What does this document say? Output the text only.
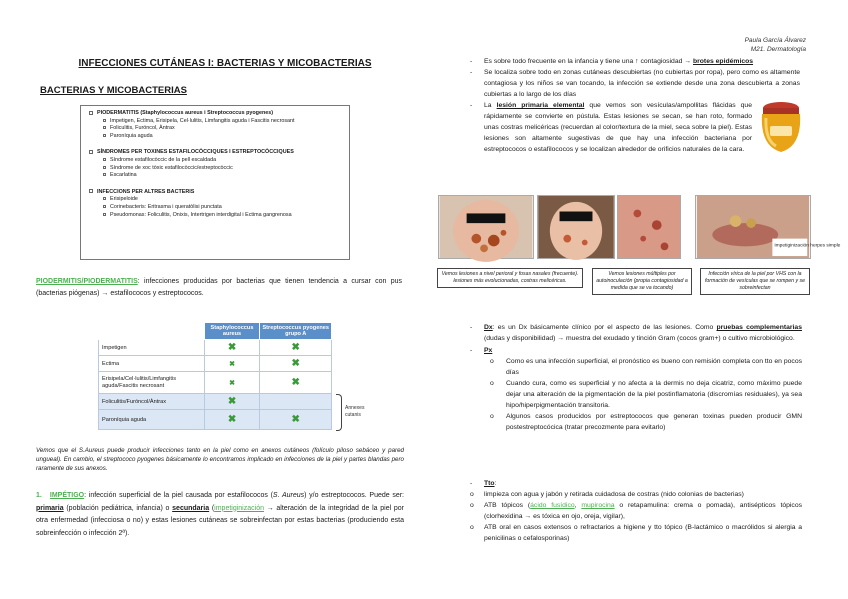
Paula García Álvarez
M21. Dermatología
INFECCIONES CUTÁNEAS I: BACTERIAS Y MICOBACTERIAS
BACTERIAS Y MICOBACTERIAS
PIODERMATITIS (Staphylococcus aureus i Streptococcus pyogenes)
Impetigen, Ectima, Erisipela, Cel·lulitis, Limfangitis aguda i Fascitis necrosant
Foliculitis, Furóncol, Àntrax
Paroníquia aguda
SÍNDROMES PER TOXINES ESTAFILOCÒCCIQUES I ESTREPTOCÒCCIQUES
Síndrome estafilocòccic de la pell escaldada
Síndrome de xoc tòxic estafilocòccic/estreptocòccic
Escarlatina
INFECCIONS PER ALTRES BACTERIS
Erisipeloide
Corinebacteris: Eritrasma i queratòlisi punctata
Pseudomonas: Foliculitis, Onixis, Intertrigen interdigital i Ectima gangrenosa
PIODERMITIS/PIODERMATITIS: infecciones producidas por bacterias que tienen tendencia a cursar con pus (bacterias piógenas) → estafilococos y estreptococos.
	Staphylococcus aureus	Streptococcus pyogenes grupo A
Impetigen	✖	✖
Ectima	✖	✖
Erisipela/Cel·lulitis/Limfangitis aguda/Fascitis necrosant	✖	✖
Foliculitis/Furóncol/Àntrax	✖	
Paroníquia aguda	✖	✖
Annexes cutanis
Vemos que el S.Aureus puede producir infecciones tanto en la piel como en anexos cutáneos (folículo piloso sebáceo y pared ungueal). En cambio, el streptococo pyogenes básicamente lo encontramos implicado en infecciones de la piel y partes blandas pero raramente de sus anexos.
1. IMPÉTIGO: infección superficial de la piel causada por estafilococos (S. Aureus) y/o estreptococos. Puede ser: primaria (población pediátrica, infancia) o secundaria (impetiginización → alteración de la integridad de la piel por otra enfermedad (infecciosa o no) y estas lesiones cutáneas se sobreinfectan por estas bacterias (produciendo esta sobreinfección o infección 2ª).
- Es sobre todo frecuente en la infancia y tiene una ↑ contagiosidad → brotes epidémicos
- Se localiza sobre todo en zonas cutáneas descubiertas (no cubiertas por ropa), pero como es altamente contagiosa y los niños se van tocando, la infección se extiende desde una zona descubierta a zonas cubiertas a lo largo de los días
- La lesión primaria elemental que vemos son vesículas/ampollitas flácidas que rápidamente se convierte en pústula. Estas lesiones se secan, se han roto, formado unas costras melicéricas (recuerdan al color/textura de la miel, seca sobre la piel). Estas lesiones son altamente sugestivas de que hay una infección bacteriana por estreptococos o estafilococos y se localizan alrededor de orificios naturales de la cara.
Impetiginización herpes simple
Vemos lesiones a nivel perioral y fosas nasales (frecuente). lesiones más evolucionadas, costras melicéricas.
Vemos lesiones múltiples por autoinoculación (propia contagiosidad a medida que se va tocando)
Infección vírica de la piel por VHS con la formación de vesículas que se rompen y se sobreinfectan
- Dx: es un Dx básicamente clínico por el aspecto de las lesiones. Como pruebas complementarias (dudas y disponibilidad) → muestra del exudado y tinción Gram (cocos gram+) o cultivo microbiológico.
- Px
o Como es una infección superficial, el pronóstico es bueno con remisión completa con tto en pocos días
o Cuando cura, como es superficial y no afecta a la dermis no deja cicatriz, como máximo puede dejar una alteración de la pigmentación de la piel postinflamatoria (discromías residuales), ya sea hipo/hiperpigmentación transitoria.
o Algunos casos producidos por estreptococos que generan toxinas pueden producir GMN postestreptocócica (tratar precozmente para evitarlo)
- Tto:
o limpieza con agua y jabón y retirada cuidadosa de costras (nido colonias de bacterias)
o ATB tópicos (ácido fusídico, mupirocina o retapamulina: crema o pomada), antisépticos tópicos (clorhexidina → es tóxica en ojo, oreja, vigilar),
o ATB oral en casos extensos o refractarios a higiene y tto tópico (B-lactámico o macrólidos si alergia a penicilinas o cefalosporinas)
